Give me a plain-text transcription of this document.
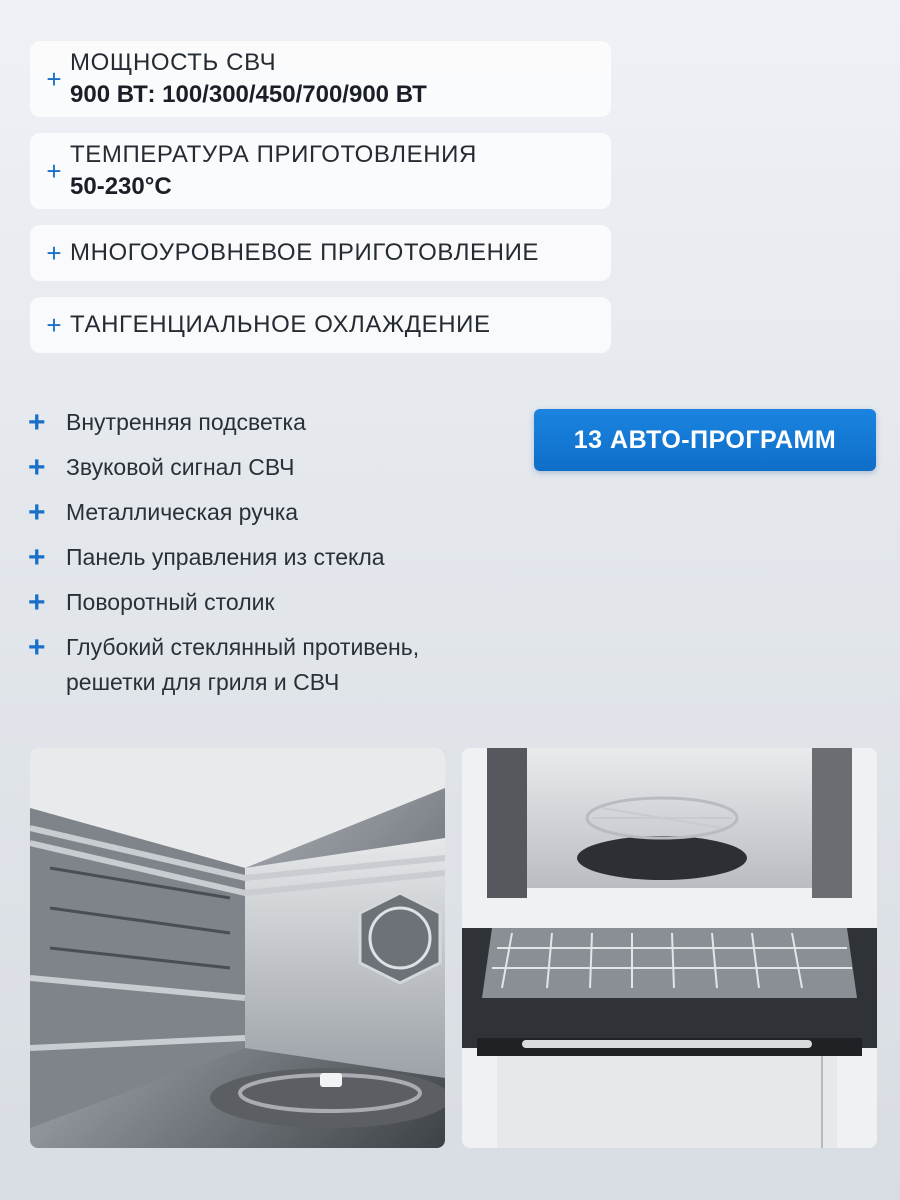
+
МОЩНОСТЬ СВЧ
900 ВТ: 100/300/450/700/900 ВТ
+
ТЕМПЕРАТУРА ПРИГОТОВЛЕНИЯ
50-230°C
+ МНОГОУРОВНЕВОЕ ПРИГОТОВЛЕНИЕ
+ ТАНГЕНЦИАЛЬНОЕ ОХЛАЖДЕНИЕ
+ Внутренняя подсветка
+ Звуковой сигнал СВЧ
+ Металлическая ручка
+ Панель управления из стекла
+ Поворотный столик
+ Глубокий стеклянный противень,
решетки для гриля и СВЧ
13 АВТО-ПРОГРАММ
